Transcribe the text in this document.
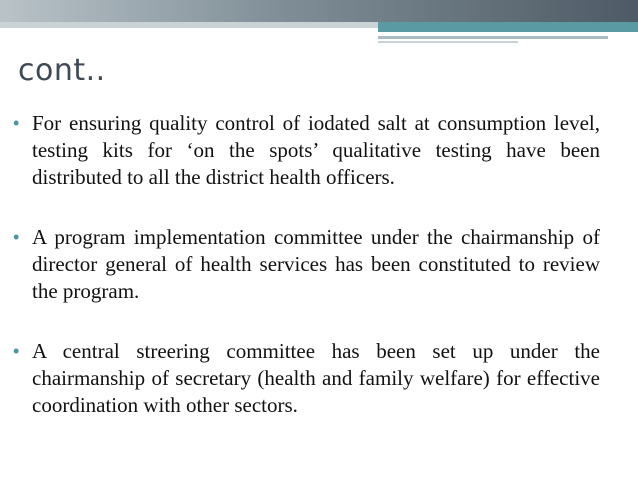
cont..
• For ensuring quality control of iodated salt at consumption level, testing kits for ‘on the spots’ qualitative testing have been distributed to all the district health officers.
• A program implementation committee under the chairmanship of director general of health services has been constituted to review the program.
• A central streering committee has been set up under the chairmanship of secretary (health and family welfare) for effective coordination with other sectors.
